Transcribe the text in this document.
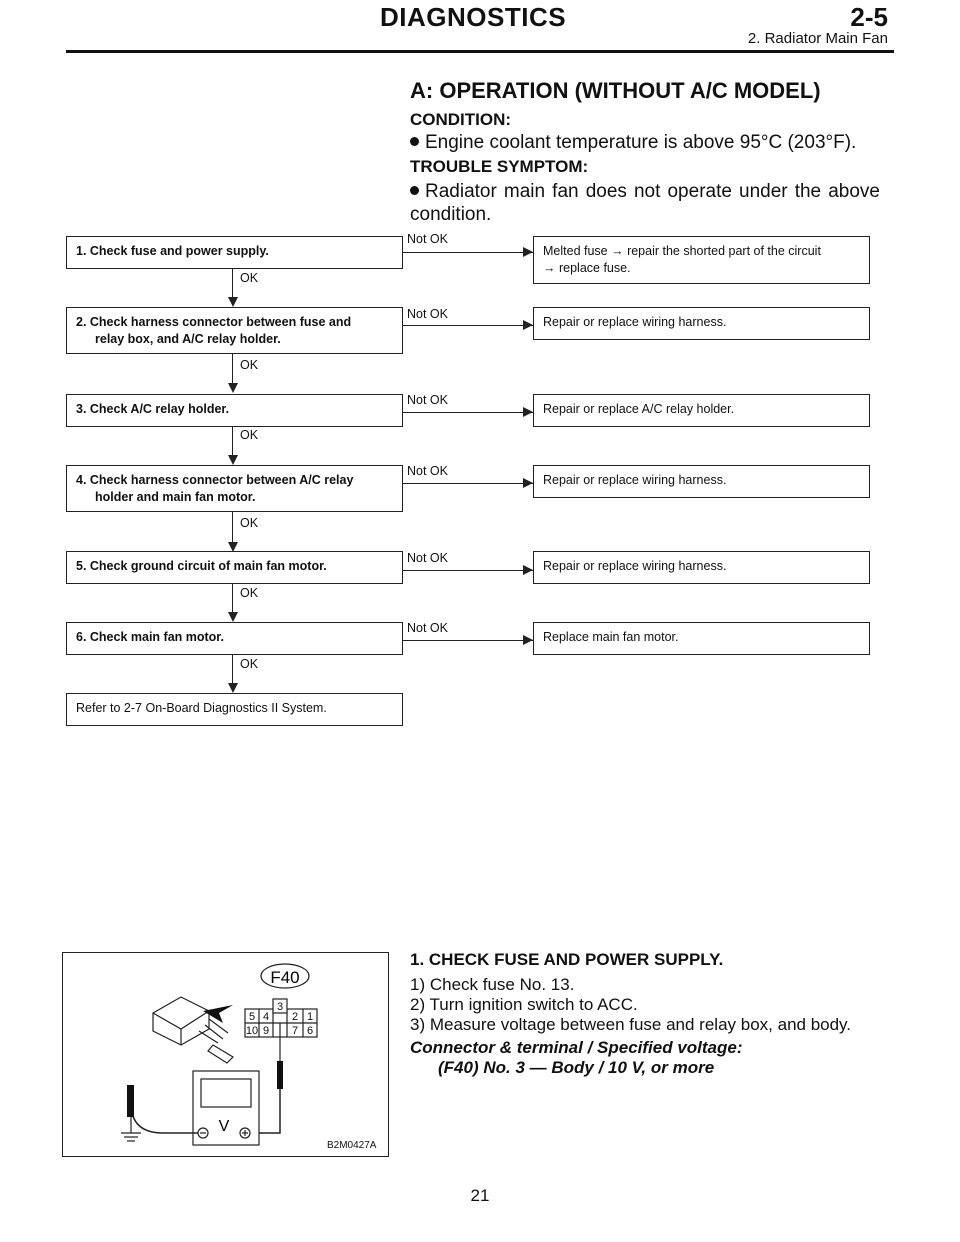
DIAGNOSTICS	2-5
2. Radiator Main Fan
A: OPERATION (WITHOUT A/C MODEL)
CONDITION:
Engine coolant temperature is above 95°C (203°F).
TROUBLE SYMPTOM:
Radiator main fan does not operate under the above condition.
1. Check fuse and power supply.
Not OK
Melted fuse → repair the shorted part of the circuit
→ replace fuse.
OK
2. Check harness connector between fuse and
relay box, and A/C relay holder.
Not OK
Repair or replace wiring harness.
OK
3. Check A/C relay holder.
Not OK
Repair or replace A/C relay holder.
OK
4. Check harness connector between A/C relay
holder and main fan motor.
Not OK
Repair or replace wiring harness.
OK
5. Check ground circuit of main fan motor.
Not OK
Repair or replace wiring harness.
OK
6. Check main fan motor.
Not OK
Replace main fan motor.
OK
Refer to 2-7 On-Board Diagnostics II System.
F40
5 4
3
2 1
10 9 7 6
V
B2M0427A
1. CHECK FUSE AND POWER SUPPLY.
1) Check fuse No. 13.
2) Turn ignition switch to ACC.
3) Measure voltage between fuse and relay box, and body.
Connector & terminal / Specified voltage:
(F40) No. 3 — Body / 10 V, or more
21
